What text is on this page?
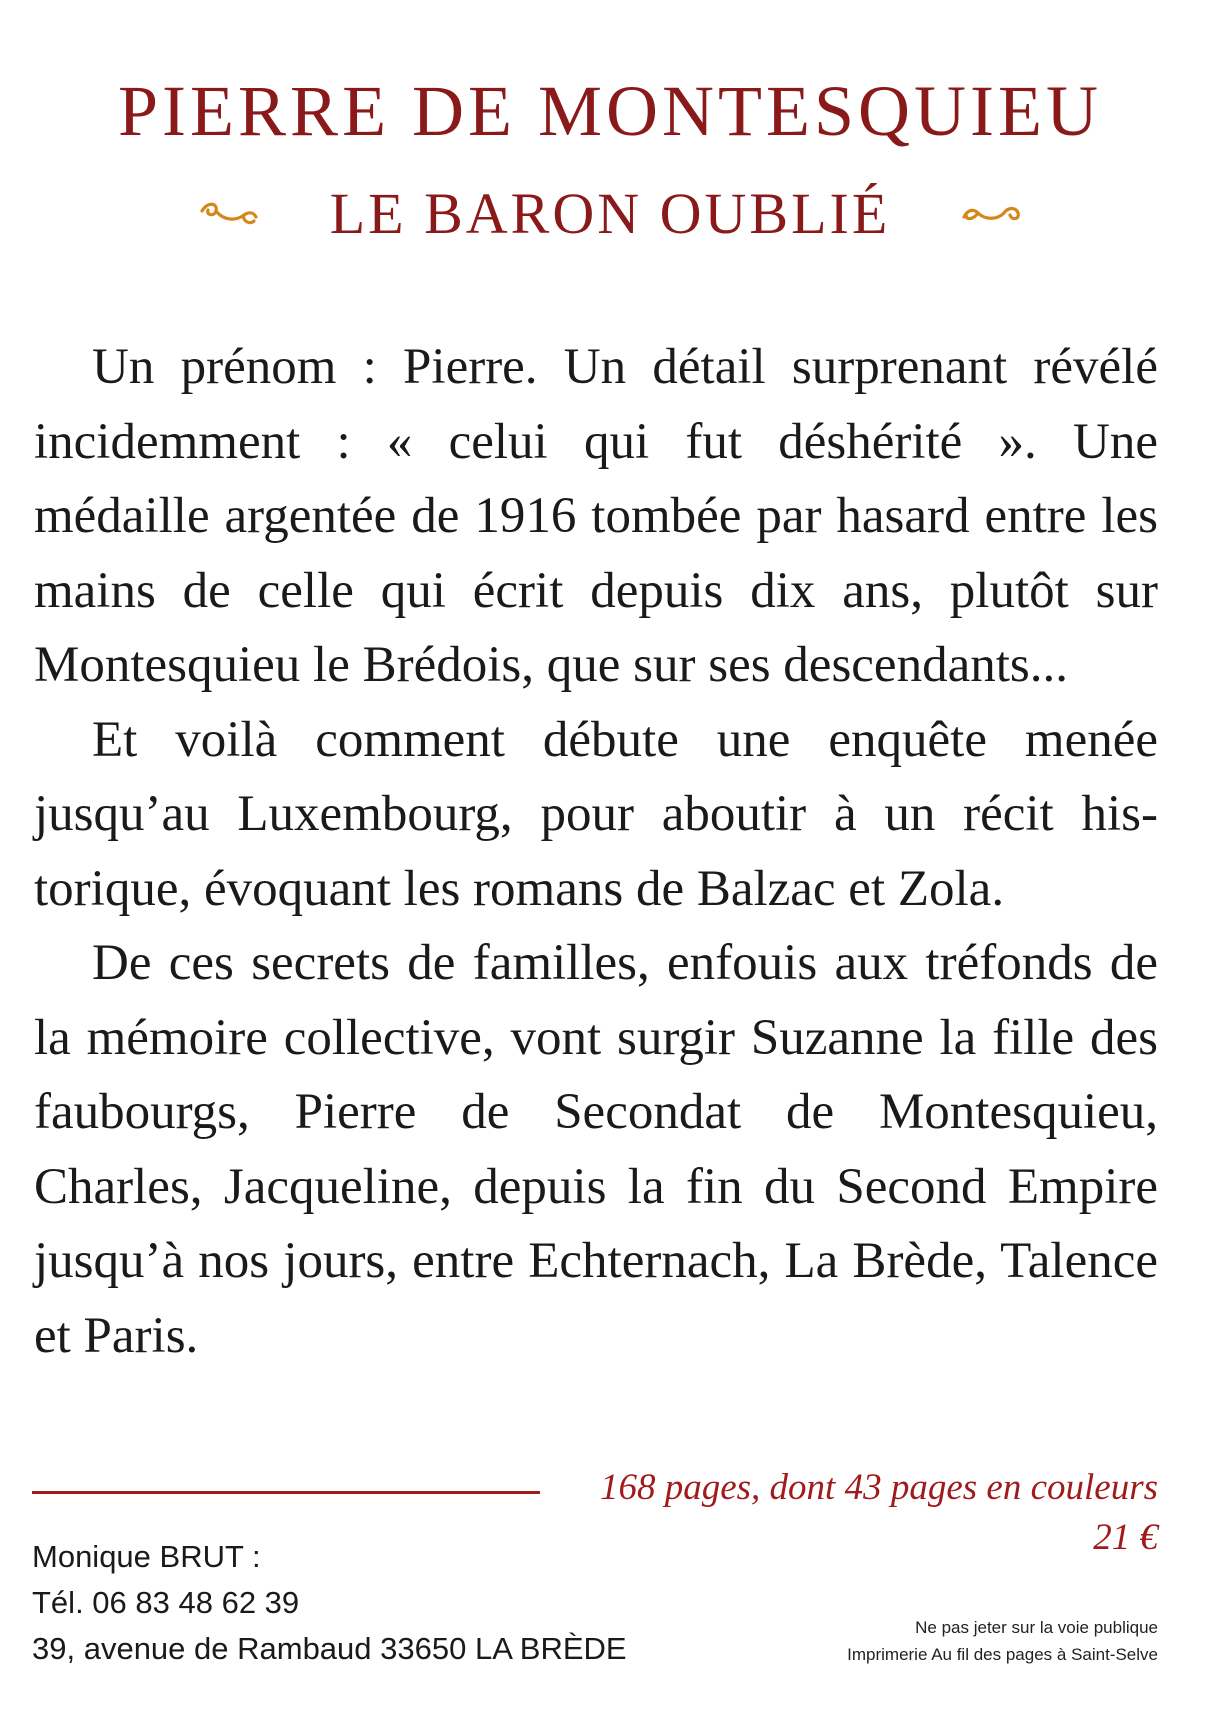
PIERRE DE MONTESQUIEU
LE BARON OUBLIÉ

Un prénom : Pierre. Un détail surprenant révélé incidemment : « celui qui fut déshérité ». Une médaille argentée de 1916 tombée par hasard entre les mains de celle qui écrit depuis dix ans, plutôt sur Montesquieu le Brédois, que sur ses descendants...

Et voilà comment débute une enquête menée jusqu’au Luxembourg, pour aboutir à un récit historique, évoquant les romans de Balzac et Zola.

De ces secrets de familles, enfouis aux tréfonds de la mémoire collective, vont surgir Suzanne la fille des faubourgs, Pierre de Secondat de Montesquieu, Charles, Jacqueline, depuis la fin du Second Empire jusqu’à nos jours, entre Echternach, La Brède, Talence et Paris.

168 pages, dont 43 pages en couleurs
21 €
Monique BRUT :
Tél. 06 83 48 62 39
39, avenue de Rambaud 33650 LA BRÈDE
Ne pas jeter sur la voie publique
Imprimerie Au fil des pages à Saint-Selve
